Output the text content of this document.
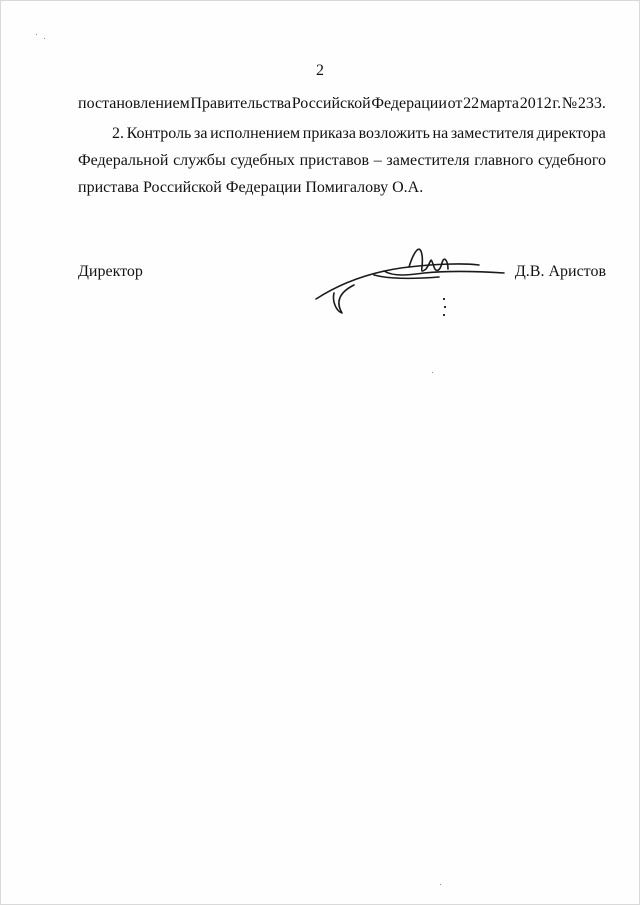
2
постановлением Правительства Российской Федерации от 22 марта 2012 г. № 233.
2. Контроль за исполнением приказа возложить на заместителя директора
Федеральной службы судебных приставов – заместителя главного судебного
пристава Российской Федерации Помигалову О.А.
Директор	Д.В. Аристов
